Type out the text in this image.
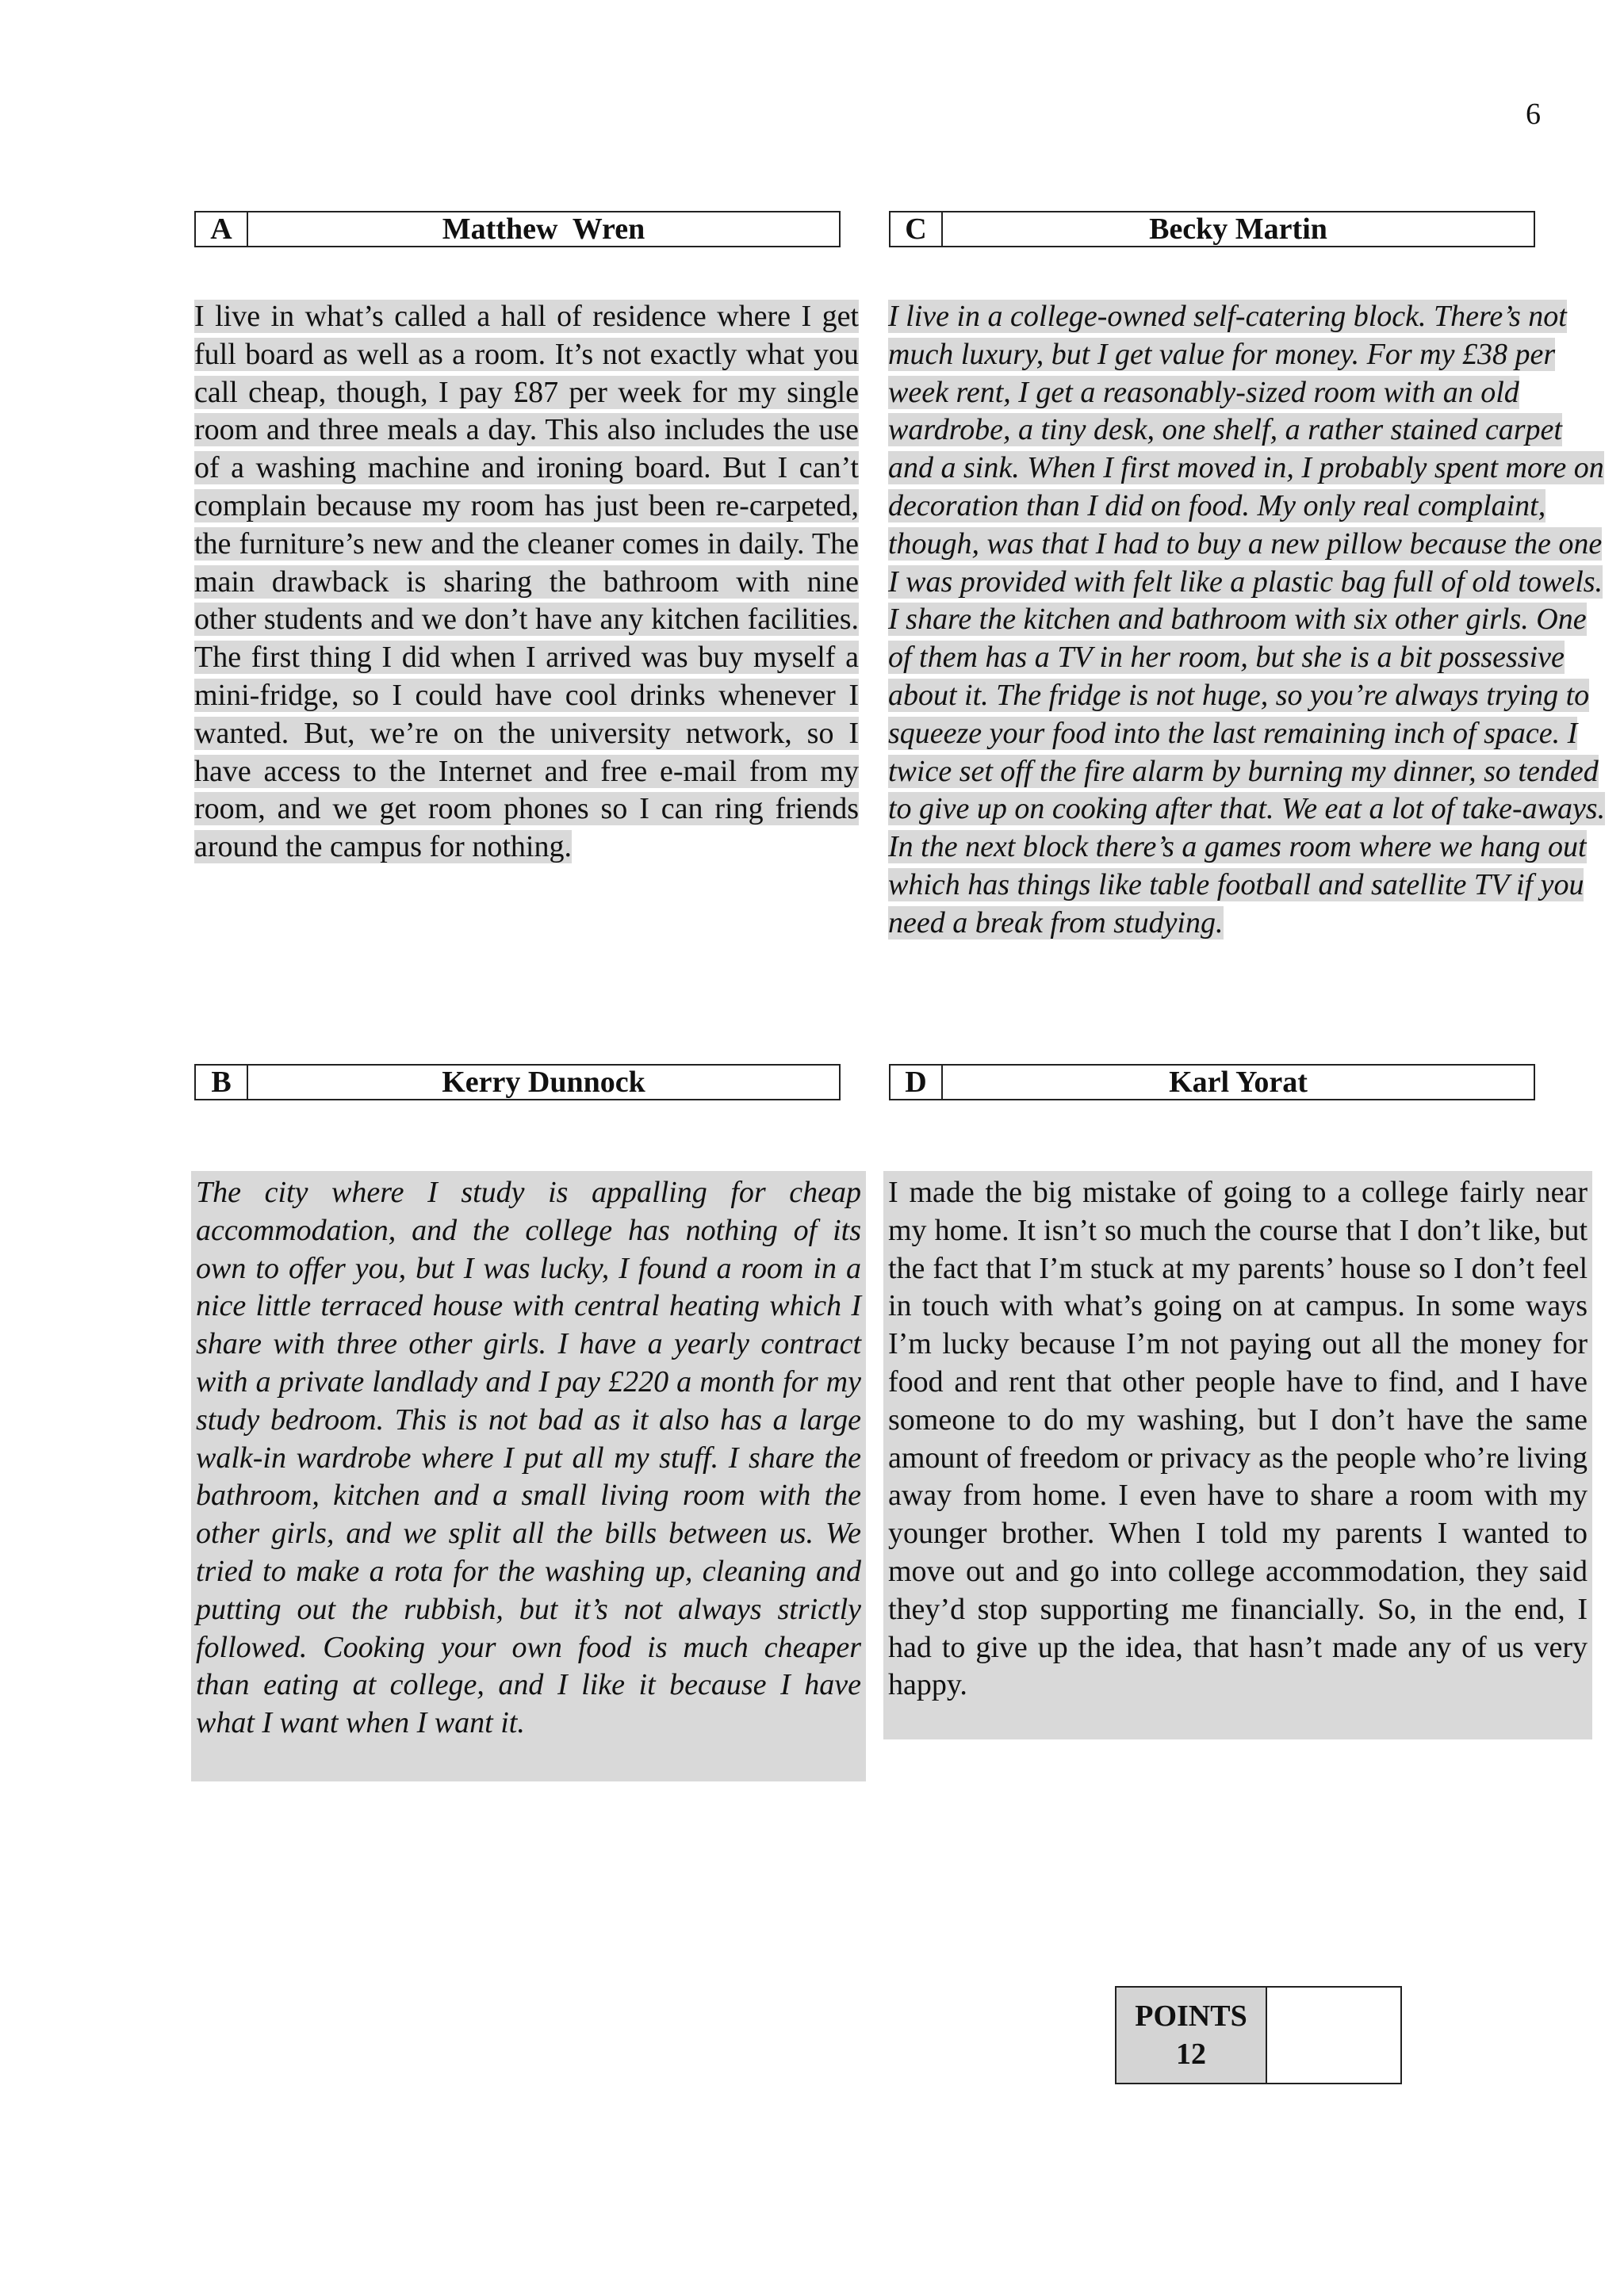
6
A	Matthew  Wren
I live in what’s called a hall of residence where I get full board as well as a room. It’s not exactly what you call cheap, though, I pay £87 per week for my single room and three meals a day. This also includes the use of a washing machine and ironing board. But I can’t complain because my room has just been re-carpeted, the furniture’s new and the cleaner comes in daily. The main drawback is sharing the bathroom with nine other students and we don’t have any kitchen facilities. The first thing I did when I arrived was buy myself a mini-fridge, so I could have cool drinks whenever I wanted. But, we’re on the university network, so I have access to the Internet and free e-mail from my room, and we get room phones so I can ring friends around the campus for nothing.
C	Becky Martin
I live in a college-owned self-catering block. There’s not much luxury, but I get value for money. For my £38 per week rent, I get a reasonably-sized room with an old wardrobe, a tiny desk, one shelf, a rather stained carpet and a sink. When I first moved in, I probably spent more on decoration than I did on food. My only real complaint, though, was that I had to buy a new pillow because the one I was provided with felt like a plastic bag full of old towels. I share the kitchen and bathroom with six other girls. One of them has a TV in her room, but she is a bit possessive about it. The fridge is not huge, so you’re always trying to squeeze your food into the last remaining inch of space. I twice set off the fire alarm by burning my dinner, so tended to give up on cooking after that. We eat a lot of take-aways. In the next block there’s a games room where we hang out which has things like table football and satellite TV if you need a break from studying.
B	Kerry Dunnock
The city where I study is appalling for cheap accommodation, and the college has nothing of its own to offer you, but I was lucky, I found a room in a nice little terraced house with central heating which I share with three other girls. I have a yearly contract with a private landlady and I pay £220 a month for my study bedroom. This is not bad as it also has a large walk-in wardrobe where I put all my stuff. I share the bathroom, kitchen and a small living room with the other girls, and we split all the bills between us. We tried to make a rota for the washing up, cleaning and putting out the rubbish, but it’s not always strictly followed. Cooking your own food is much cheaper than eating at college, and I like it because I have what I want when I want it.
D	Karl Yorat
I made the big mistake of going to a college fairly near my home. It isn’t so much the course that I don’t like, but the fact that I’m stuck at my parents’ house so I don’t feel in touch with what’s going on at campus. In some ways I’m lucky because I’m not paying out all the money for food and rent that other people have to find, and I have someone to do my washing, but I don’t have the same amount of freedom or privacy as the people who’re living away from home. I even have to share a room with my younger brother. When I told my parents I wanted to move out and go into college accommodation, they said they’d stop supporting me financially. So, in the end, I had to give up the idea, that hasn’t made any of us very happy.
POINTS
12
